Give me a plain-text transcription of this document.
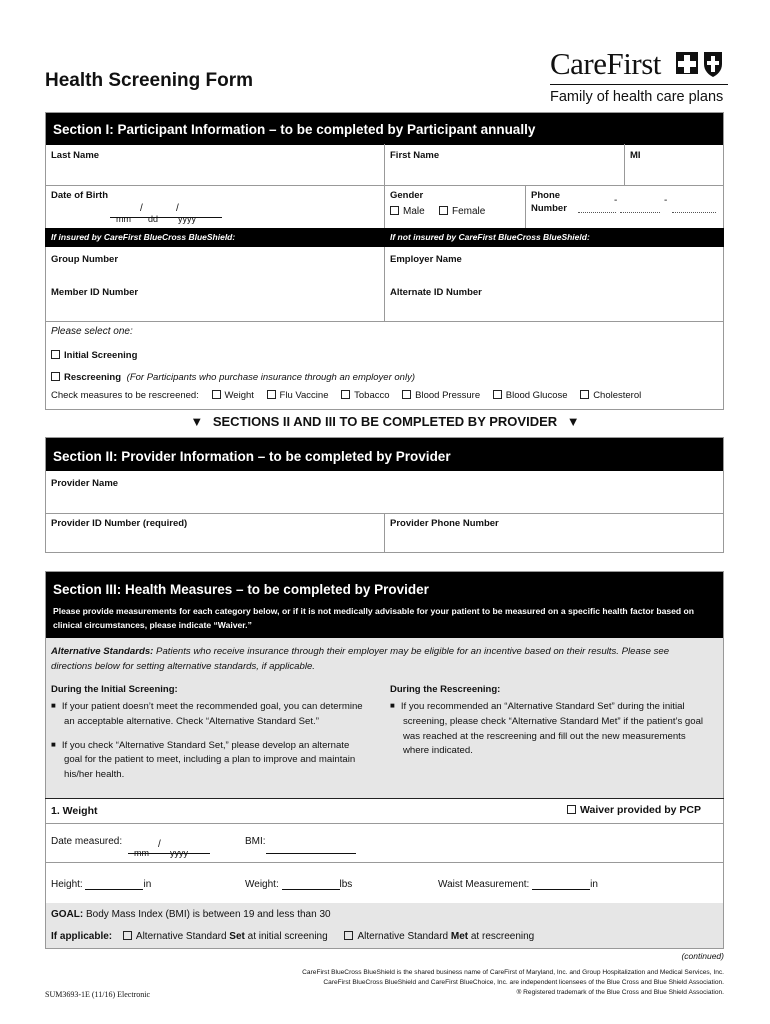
Health Screening Form	CareFirst
Family of health care plans
Section I: Participant Information – to be completed by Participant annually
Last Name	First Name	MI
Date of Birth
/	/
mm dd yyyy
Gender
Male	Female
Phone
Number
-	-
If insured by CareFirst BlueCross BlueShield:	If not insured by CareFirst BlueCross BlueShield:
Group Number	Employer Name
Member ID Number	Alternate ID Number
Please select one:
Initial Screening
Rescreening (For Participants who purchase insurance through an employer only)
Check measures to be rescreened:	Weight	Flu Vaccine	Tobacco	Blood Pressure	Blood Glucose	Cholesterol
▼ SECTIONS II AND III TO BE COMPLETED BY PROVIDER ▼
Section II: Provider Information – to be completed by Provider
Provider Name
Provider ID Number (required)	Provider Phone Number
Section III: Health Measures – to be completed by Provider
Please provide measurements for each category below, or if it is not medically advisable for your patient to be measured on a specific health factor based on clinical circumstances, please indicate “Waiver.”
Alternative Standards: Patients who receive insurance through their employer may be eligible for an incentive based on their results. Please see directions below for setting alternative standards, if applicable.
During the Initial Screening:
■ If your patient doesn’t meet the recommended goal, you can determine an acceptable alternative. Check “Alternative Standard Set.”
■ If you check “Alternative Standard Set,” please develop an alternate goal for the patient to meet, including a plan to improve and maintain his/her health.
During the Rescreening:
■ If you recommended an “Alternative Standard Set” during the initial screening, please check “Alternative Standard Met” if the patient’s goal was reached at the rescreening and fill out the new measurements where indicated.
1. Weight	Waiver provided by PCP
Date measured:	/
mm yyyy
BMI:
Height:	in	Weight:	lbs	Waist Measurement:	in
GOAL: Body Mass Index (BMI) is between 19 and less than 30
If applicable: Alternative Standard Set at initial screening	Alternative Standard Met at rescreening
(continued)
SUM3693-1E (11/16) Electronic
CareFirst BlueCross BlueShield is the shared business name of CareFirst of Maryland, Inc. and Group Hospitalization and Medical Services, Inc.
CareFirst BlueCross BlueShield and CareFirst BlueChoice, Inc. are independent licensees of the Blue Cross and Blue Shield Association.
® Registered trademark of the Blue Cross and Blue Shield Association.
